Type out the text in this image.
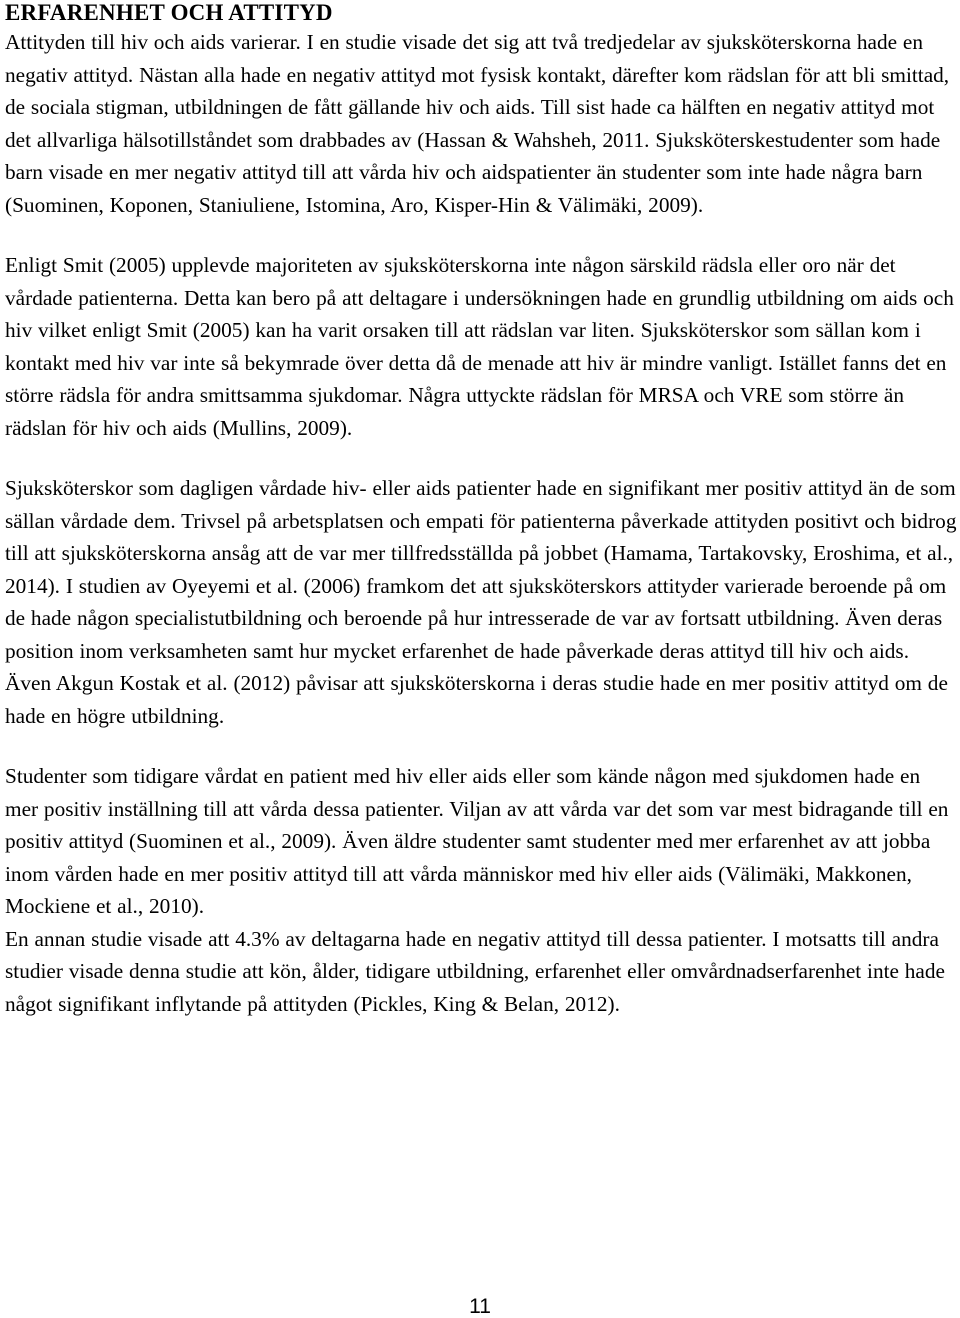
ERFARENHET OCH ATTITYD

Attityden till hiv och aids varierar. I en studie visade det sig att två tredjedelar av sjuksköterskorna hade en negativ attityd. Nästan alla hade en negativ attityd mot fysisk kontakt, därefter kom rädslan för att bli smittad, de sociala stigman, utbildningen de fått gällande hiv och aids. Till sist hade ca hälften en negativ attityd mot det allvarliga hälsotillståndet som drabbades av (Hassan & Wahsheh, 2011. Sjuksköterskestudenter som hade barn visade en mer negativ attityd till att vårda hiv och aidspatienter än studenter som inte hade några barn (Suominen, Koponen, Staniuliene, Istomina, Aro, Kisper-Hin & Välimäki, 2009).

Enligt Smit (2005) upplevde majoriteten av sjuksköterskorna inte någon särskild rädsla eller oro när det vårdade patienterna. Detta kan bero på att deltagare i undersökningen hade en grundlig utbildning om aids och hiv vilket enligt Smit (2005) kan ha varit orsaken till att rädslan var liten. Sjuksköterskor som sällan kom i kontakt med hiv var inte så bekymrade över detta då de menade att hiv är mindre vanligt. Istället fanns det en större rädsla för andra smittsamma sjukdomar. Några uttyckte rädslan för MRSA och VRE som större än rädslan för hiv och aids (Mullins, 2009).

Sjuksköterskor som dagligen vårdade hiv- eller aids patienter hade en signifikant mer positiv attityd än de som sällan vårdade dem. Trivsel på arbetsplatsen och empati för patienterna påverkade attityden positivt och bidrog till att sjuksköterskorna ansåg att de var mer tillfredsställda på jobbet (Hamama, Tartakovsky, Eroshima, et al., 2014). I studien av Oyeyemi et al. (2006) framkom det att sjuksköterskors attityder varierade beroende på om de hade någon specialistutbildning och beroende på hur intresserade de var av fortsatt utbildning. Även deras position inom verksamheten samt hur mycket erfarenhet de hade påverkade deras attityd till hiv och aids. Även Akgun Kostak et al. (2012) påvisar att sjuksköterskorna i deras studie hade en mer positiv attityd om de hade en högre utbildning.

Studenter som tidigare vårdat en patient med hiv eller aids eller som kände någon med sjukdomen hade en mer positiv inställning till att vårda dessa patienter. Viljan av att vårda var det som var mest bidragande till en positiv attityd (Suominen et al., 2009). Även äldre studenter samt studenter med mer erfarenhet av att jobba inom vården hade en mer positiv attityd till att vårda människor med hiv eller aids (Välimäki, Makkonen, Mockiene et al., 2010).

En annan studie visade att 4.3% av deltagarna hade en negativ attityd till dessa patienter. I motsatts till andra studier visade denna studie att kön, ålder, tidigare utbildning, erfarenhet eller omvårdnadserfarenhet inte hade något signifikant inflytande på attityden (Pickles, King & Belan, 2012).

11
